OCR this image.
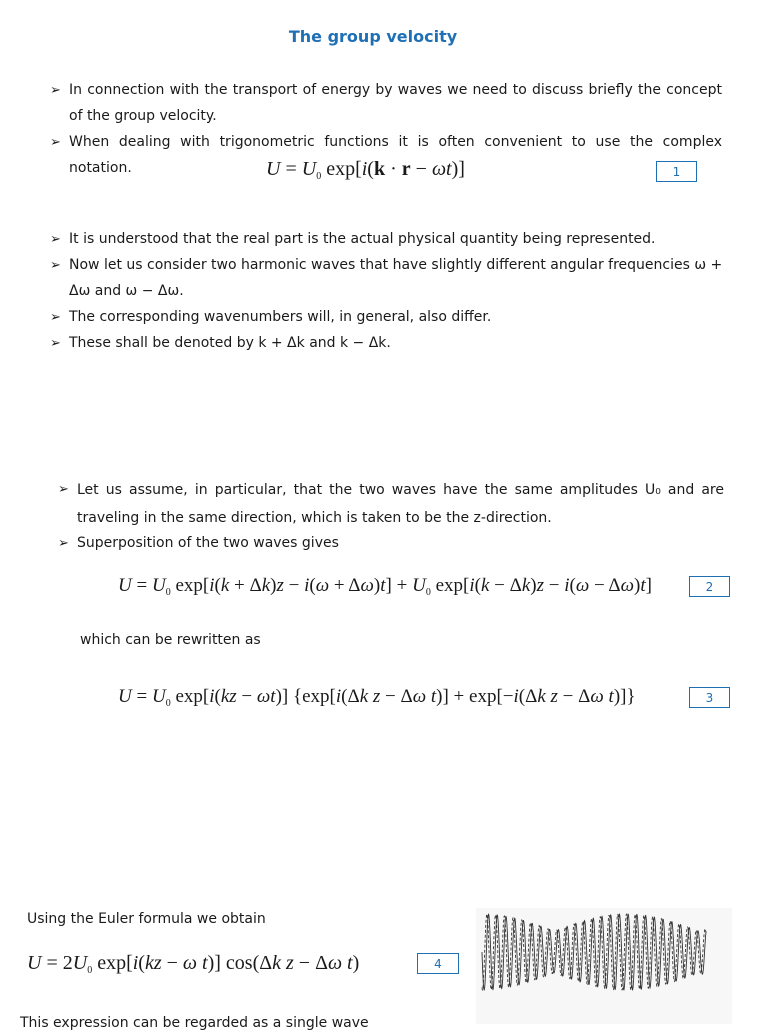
The group velocity
➢ In connection with the transport of energy by waves we need to discuss briefly the concept of the group velocity.
➢ When dealing with trigonometric functions it is often convenient to use the complex notation.	$U = U_0$ exp[i(k · r − ωt)]	1
➢ It is understood that the real part is the actual physical quantity being represented.
➢ Now let us consider two harmonic waves that have slightly different angular frequencies ω + Δω and ω − Δω.
➢ The corresponding wavenumbers will, in general, also differ.
➢ These shall be denoted by k + Δk and k − Δk.
➢ Let us assume, in particular, that the two waves have the same amplitudes U₀ and are traveling in the same direction, which is taken to be the z-direction.
➢ Superposition of the two waves gives
$U = U_0$ $\exp[i(k + \Delta k)z - i(\omega + \Delta\omega)t] + U_0$ exp[i(k − Δk)z − i(ω − Δω)t]	2
which can be rewritten as
$U = U_0$ exp[i(kz − ωt)] {exp[i(Δk z − Δω t)] + exp[−i(Δk z − Δω t)]}	3
Using the Euler formula we obtain
$U = 2U_0$ exp[i(kz − ω t)] cos(Δk z − Δω t)	4
This expression can be regarded as a single wave
